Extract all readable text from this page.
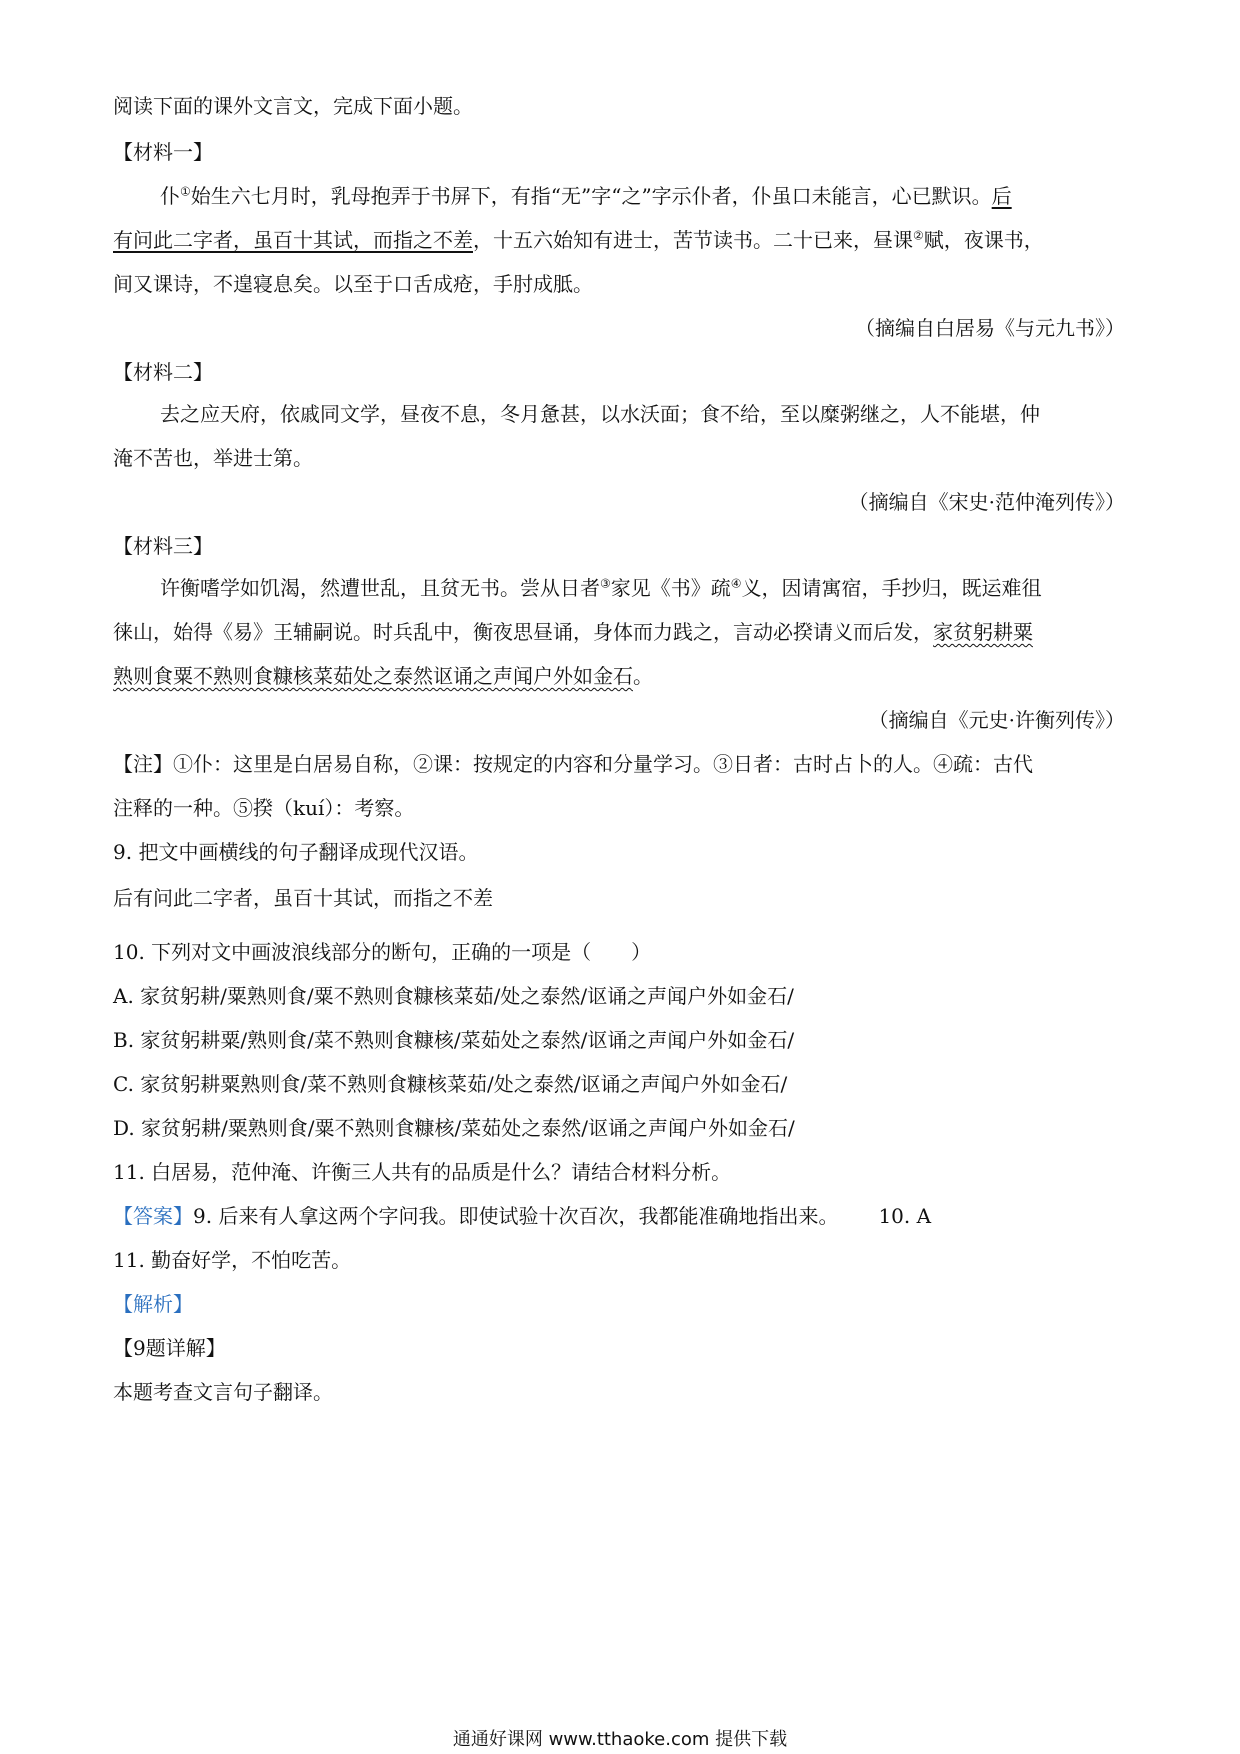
阅读下面的课外文言文，完成下面小题。
【材料一】
仆①始生六七月时，乳母抱弄于书屏下，有指“无”字“之”字示仆者，仆虽口未能言，心已默识。后
有问此二字者，虽百十其试，而指之不差，十五六始知有进士，苦节读书。二十已来，昼课②赋，夜课书，
间又课诗，不遑寝息矣。以至于口舌成疮，手肘成胝。
（摘编自白居易《与元九书》）
【材料二】
去之应天府，依戚同文学，昼夜不息，冬月惫甚，以水沃面；食不给，至以糜粥继之，人不能堪，仲
淹不苦也，举进士第。
（摘编自《宋史·范仲淹列传》）
【材料三】
许衡嗜学如饥渴，然遭世乱，且贫无书。尝从日者③家见《书》疏④义，因请寓宿，手抄归，既运难徂
徕山，始得《易》王辅嗣说。时兵乱中，衡夜思昼诵，身体而力践之，言动必揆请义而后发，家贫躬耕粟
熟则食粟不熟则食糠核菜茹处之泰然讴诵之声闻户外如金石。
（摘编自《元史·许衡列传》）
【注】①仆：这里是白居易自称，②课：按规定的内容和分量学习。③日者：古时占卜的人。④疏：古代
注释的一种。⑤揆（kuí）：考察。
9. 把文中画横线的句子翻译成现代汉语。
后有问此二字者，虽百十其试，而指之不差
10. 下列对文中画波浪线部分的断句，正确的一项是（　　）
A. 家贫躬耕/粟熟则食/粟不熟则食糠核菜茹/处之泰然/讴诵之声闻户外如金石/
B. 家贫躬耕粟/熟则食/菜不熟则食糠核/菜茹处之泰然/讴诵之声闻户外如金石/
C. 家贫躬耕粟熟则食/菜不熟则食糠核菜茹/处之泰然/讴诵之声闻户外如金石/
D. 家贫躬耕/粟熟则食/粟不熟则食糠核/菜茹处之泰然/讴诵之声闻户外如金石/
11. 白居易，范仲淹、许衡三人共有的品质是什么？请结合材料分析。
【答案】9. 后来有人拿这两个字问我。即使试验十次百次，我都能准确地指出来。 10. A
11. 勤奋好学，不怕吃苦。
【解析】
【9题详解】
本题考查文言句子翻译。
通通好课网 www.tthaoke.com 提供下载
